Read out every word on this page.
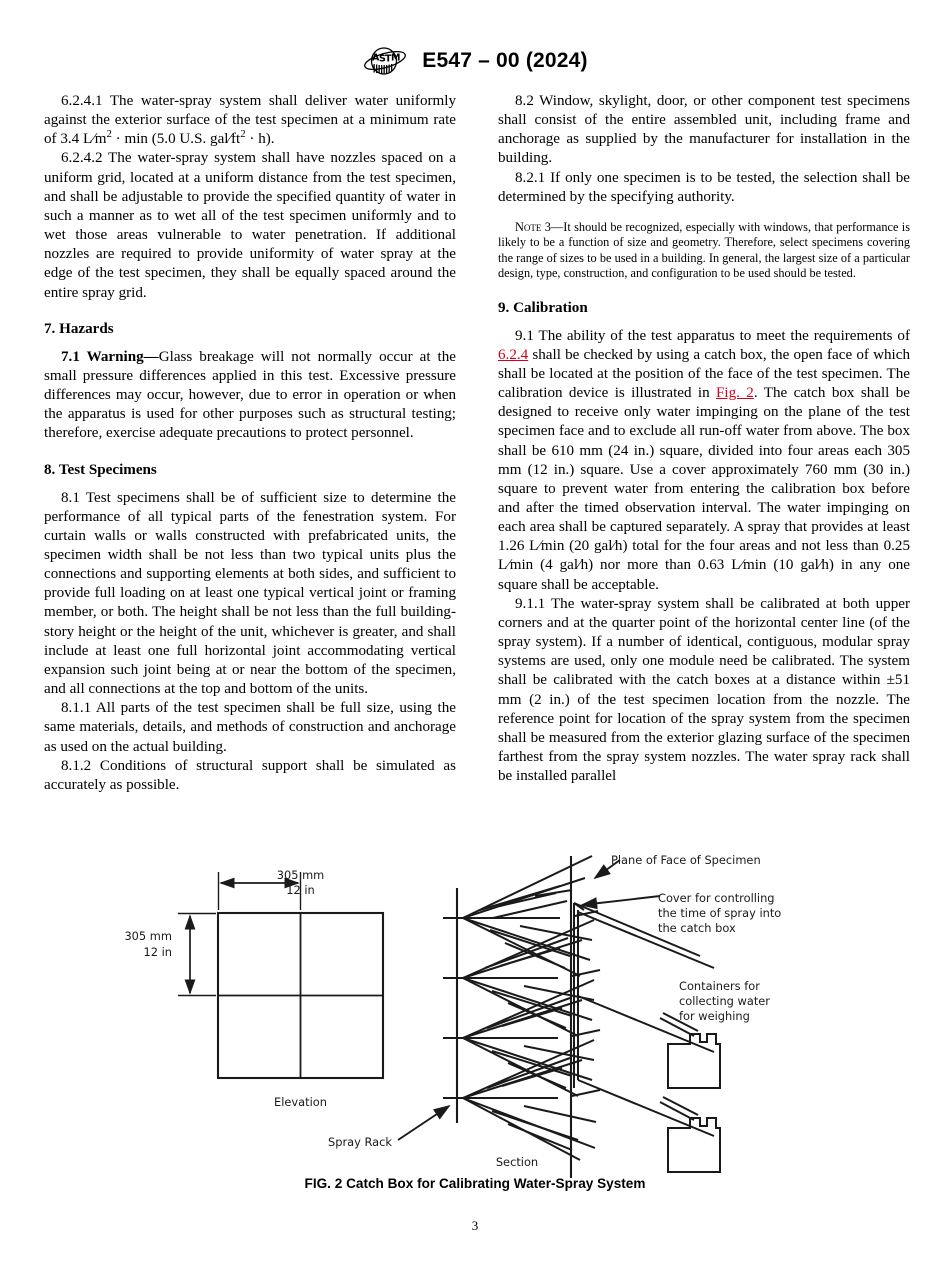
A S T M E547 – 00 (2024)

6.2.4.1 The water-spray system shall deliver water uniformly against the exterior surface of the test specimen at a minimum rate of 3.4 $L∕m^2 \cdot \min (5.0$ U.S. $gal∕ft^2 \cdot h$).

6.2.4.2 The water-spray system shall have nozzles spaced on a uniform grid, located at a uniform distance from the test specimen, and shall be adjustable to provide the specified quantity of water in such a manner as to wet all of the test specimen uniformly and to wet those areas vulnerable to water penetration. If additional nozzles are required to provide uniformity of water spray at the edge of the test specimen, they shall be equally spaced around the entire spray grid.

7. Hazards

7.1 Warning—Glass breakage will not normally occur at the small pressure differences applied in this test. Excessive pressure differences may occur, however, due to error in operation or when the apparatus is used for other purposes such as structural testing; therefore, exercise adequate precautions to protect personnel.

8. Test Specimens

8.1 Test specimens shall be of sufficient size to determine the performance of all typical parts of the fenestration system. For curtain walls or walls constructed with prefabricated units, the specimen width shall be not less than two typical units plus the connections and supporting elements at both sides, and sufficient to provide full loading on at least one typical vertical joint or framing member, or both. The height shall be not less than the full building-story height or the height of the unit, whichever is greater, and shall include at least one full horizontal joint accommodating vertical expansion such joint being at or near the bottom of the specimen, and all connections at the top and bottom of the units.

8.1.1 All parts of the test specimen shall be full size, using the same materials, details, and methods of construction and anchorage as used on the actual building.

8.1.2 Conditions of structural support shall be simulated as accurately as possible.

8.2 Window, skylight, door, or other component test specimens shall consist of the entire assembled unit, including frame and anchorage as supplied by the manufacturer for installation in the building.

8.2.1 If only one specimen is to be tested, the selection shall be determined by the specifying authority.

Note 3—It should be recognized, especially with windows, that performance is likely to be a function of size and geometry. Therefore, select specimens covering the range of sizes to be used in a building. In general, the largest size of a particular design, type, construction, and configuration to be used should be tested.

9. Calibration

9.1 The ability of the test apparatus to meet the requirements of 6.2.4 shall be checked by using a catch box, the open face of which shall be located at the position of the face of the test specimen. The calibration device is illustrated in Fig. 2. The catch box shall be designed to receive only water impinging on the plane of the test specimen face and to exclude all run-off water from above. The box shall be 610 mm (24 in.) square, divided into four areas each 305 mm (12 in.) square. Use a cover approximately 760 mm (30 in.) square to prevent water from entering the calibration box before and after the timed observation interval. The water impinging on each area shall be captured separately. A spray that provides at least 1.26 L∕min (20 gal∕h) total for the four areas and not less than 0.25 L∕min (4 gal∕h) nor more than 0.63 L∕min (10 gal∕h) in any one square shall be acceptable.

9.1.1 The water-spray system shall be calibrated at both upper corners and at the quarter point of the horizontal center line (of the spray system). If a number of identical, contiguous, modular spray systems are used, only one module need be calibrated. The system shall be calibrated with the catch boxes at a distance within ±51 mm (2 in.) of the test specimen location from the nozzle. The reference point for location of the spray system from the specimen shall be measured from the exterior glazing surface of the specimen farthest from the spray system nozzles. The water spray rack shall be installed parallel

305 mm
12 in
305 mm
12 in
Elevation
Section
Spray Rack
Plane of Face of Specimen
Cover for controlling
the time of spray into
the catch box
Containers for
collecting water
for weighing
FIG. 2 Catch Box for Calibrating Water-Spray System
3
